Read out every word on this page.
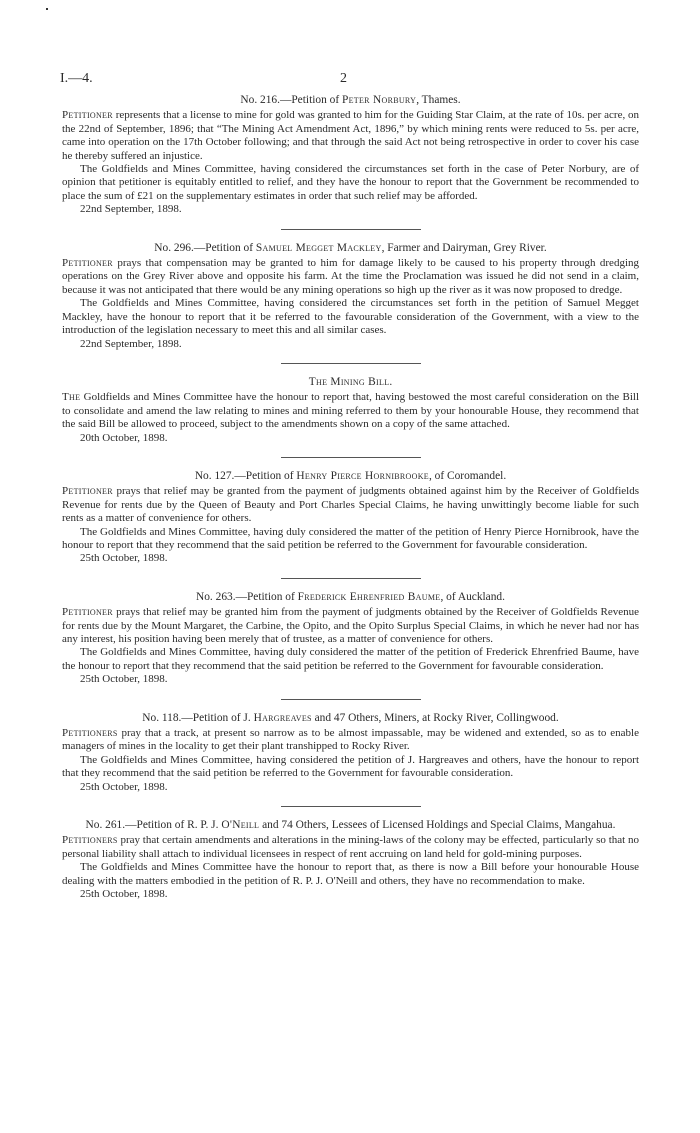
I.—4.	2
No. 216.—Petition of Peter Norbury, Thames.

Petitioner represents that a license to mine for gold was granted to him for the Guiding Star Claim, at the rate of 10s. per acre, on the 22nd of September, 1896; that “The Mining Act Amendment Act, 1896,” by which mining rents were reduced to 5s. per acre, came into operation on the 17th October following; and that through the said Act not being retrospective in order to cover his case he thereby suffered an injustice.

The Goldfields and Mines Committee, having considered the circumstances set forth in the case of Peter Norbury, are of opinion that petitioner is equitably entitled to relief, and they have the honour to report that the Government be recommended to place the sum of £21 on the supplementary estimates in order that such relief may be afforded.

22nd September, 1898.
No. 296.—Petition of Samuel Megget Mackley, Farmer and Dairyman, Grey River.

Petitioner prays that compensation may be granted to him for damage likely to be caused to his property through dredging operations on the Grey River above and opposite his farm. At the time the Proclamation was issued he did not send in a claim, because it was not anticipated that there would be any mining operations so high up the river as it was now proposed to dredge.

The Goldfields and Mines Committee, having considered the circumstances set forth in the petition of Samuel Megget Mackley, have the honour to report that it be referred to the favourable consideration of the Government, with a view to the introduction of the legislation necessary to meet this and all similar cases.

22nd September, 1898.
The Mining Bill.

The Goldfields and Mines Committee have the honour to report that, having bestowed the most careful consideration on the Bill to consolidate and amend the law relating to mines and mining referred to them by your honourable House, they recommend that the said Bill be allowed to proceed, subject to the amendments shown on a copy of the same attached.

20th October, 1898.
No. 127.—Petition of Henry Pierce Hornibrooke, of Coromandel.

Petitioner prays that relief may be granted from the payment of judgments obtained against him by the Receiver of Goldfields Revenue for rents due by the Queen of Beauty and Port Charles Special Claims, he having unwittingly become liable for such rents as a matter of convenience for others.

The Goldfields and Mines Committee, having duly considered the matter of the petition of Henry Pierce Hornibrook, have the honour to report that they recommend that the said petition be referred to the Government for favourable consideration.

25th October, 1898.
No. 263.—Petition of Frederick Ehrenfried Baume, of Auckland.

Petitioner prays that relief may be granted him from the payment of judgments obtained by the Receiver of Goldfields Revenue for rents due by the Mount Margaret, the Carbine, the Opito, and the Opito Surplus Special Claims, in which he never had nor has any interest, his position having been merely that of trustee, as a matter of convenience for others.

The Goldfields and Mines Committee, having duly considered the matter of the petition of Frederick Ehrenfried Baume, have the honour to report that they recommend that the said petition be referred to the Government for favourable consideration.

25th October, 1898.
No. 118.—Petition of J. Hargreaves and 47 Others, Miners, at Rocky River, Collingwood.

Petitioners pray that a track, at present so narrow as to be almost impassable, may be widened and extended, so as to enable managers of mines in the locality to get their plant transhipped to Rocky River.

The Goldfields and Mines Committee, having considered the petition of J. Hargreaves and others, have the honour to report that they recommend that the said petition be referred to the Government for favourable consideration.

25th October, 1898.
No. 261.—Petition of R. P. J. O'Neill and 74 Others, Lessees of Licensed Holdings and Special Claims, Mangahua.

Petitioners pray that certain amendments and alterations in the mining-laws of the colony may be effected, particularly so that no personal liability shall attach to individual licensees in respect of rent accruing on land held for gold-mining purposes.

The Goldfields and Mines Committee have the honour to report that, as there is now a Bill before your honourable House dealing with the matters embodied in the petition of R. P. J. O'Neill and others, they have no recommendation to make.

25th October, 1898.
